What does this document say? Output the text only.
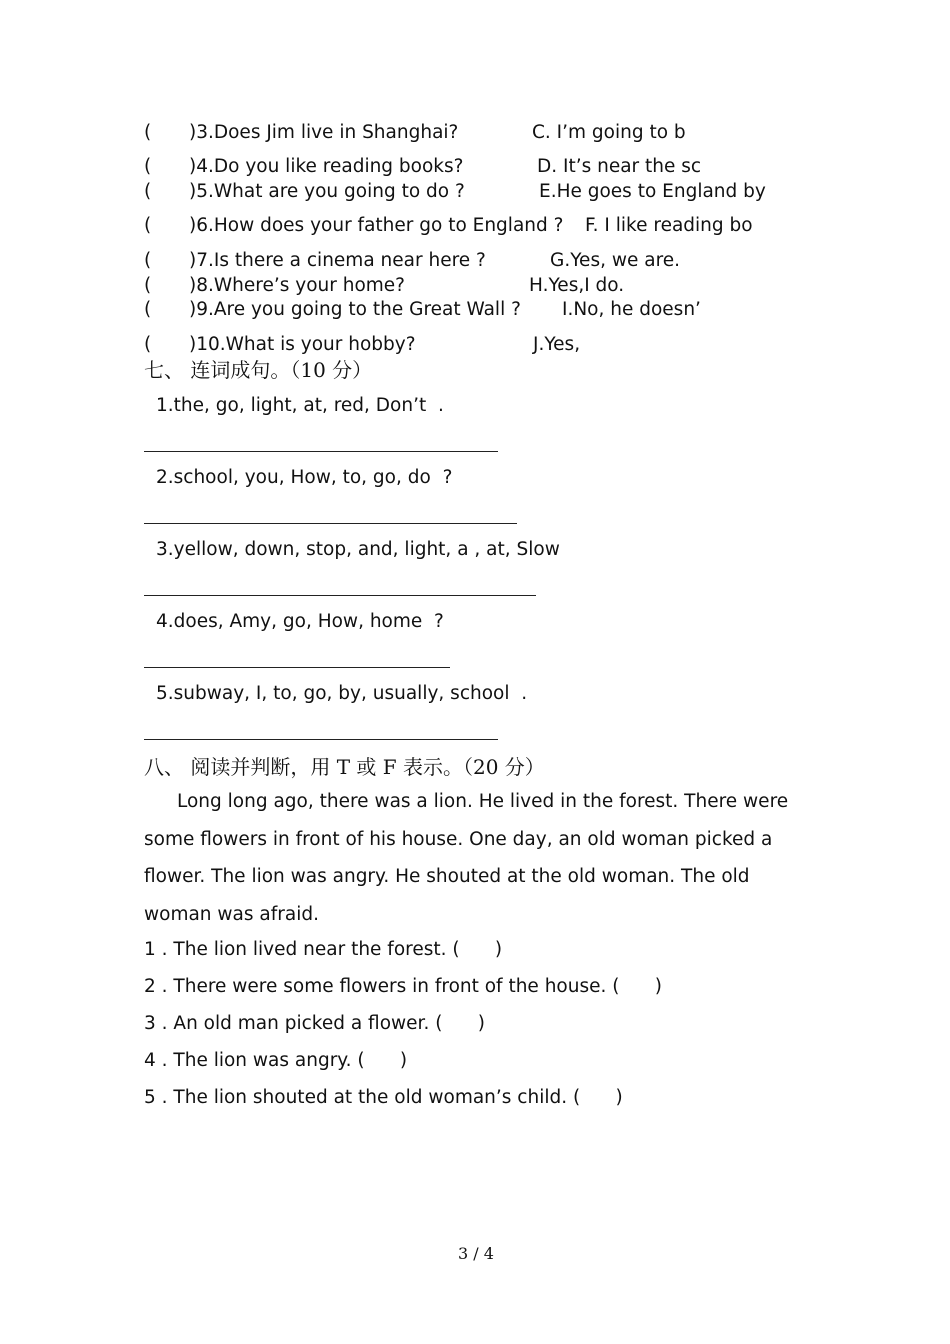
( )3.Does Jim live in Shanghai?	C. I’m going to b
( )4.Do you like reading books?	D. It’s near the sc
( )5.What are you going to do ?	E.He goes to England by
( )6.How does your father go to England ? F. I like reading bo
( )7.Is there a cinema near here ?	G.Yes, we are.
( )8.Where’s your home?	H.Yes,I do.
( )9.Are you going to the Great Wall ? I.No, he doesn’
( )10.What is your hobby?	J.Yes,
七、 连词成句。（10 分）
1.the, go, light, at, red, Don’t  .
2.school, you, How, to, go, do  ?
3.yellow, down, stop, and, light, a , at, Slow
4.does, Amy, go, How, home  ?
5.subway, I, to, go, by, usually, school  .
八、 阅读并判断，用 T 或 F 表示。（20 分）
Long long ago, there was a lion. He lived in the forest. There were some flowers in front of his house. One day, an old woman picked a flower. The lion was angry. He shouted at the old woman. The old woman was afraid.
1 . The lion lived near the forest. (      )
2 . There were some flowers in front of the house. (      )
3 . An old man picked a flower. (      )
4 . The lion was angry. (      )
5 . The lion shouted at the old woman’s child. (      )
3 / 4
